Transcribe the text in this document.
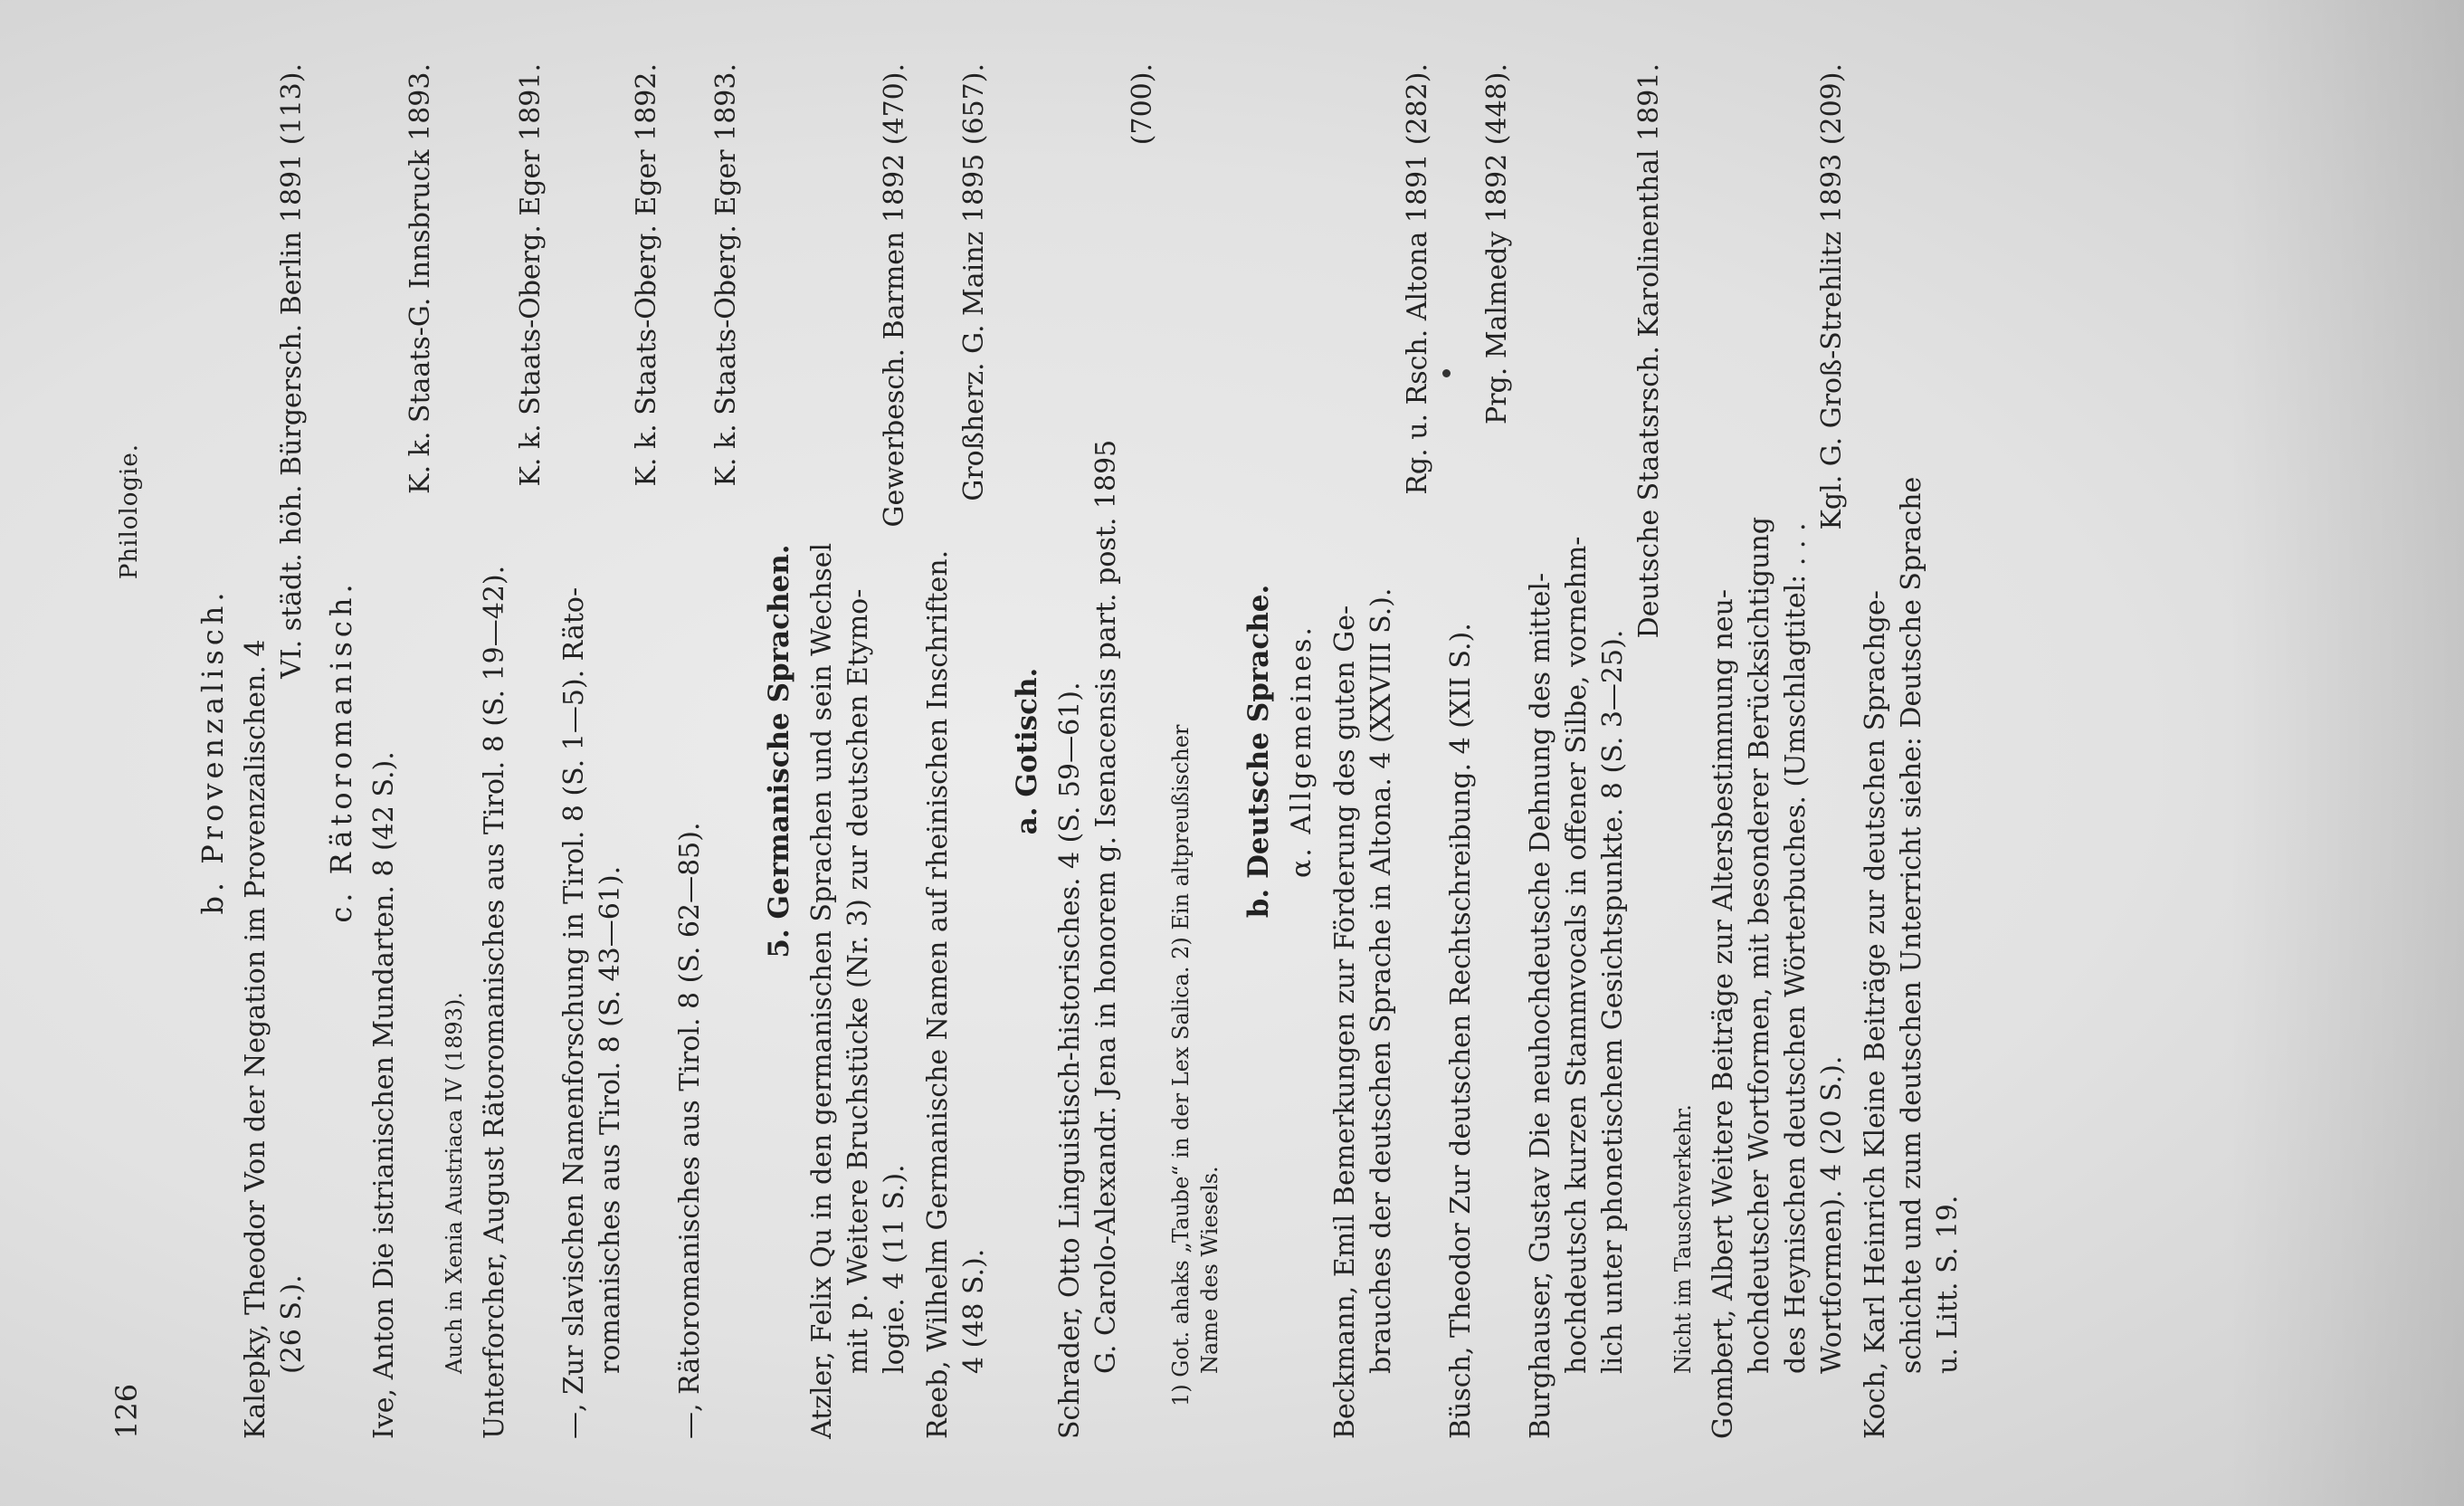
126
Philologie.
b. Provenzalisch. Kalepky, Theodor Von der Negation im Provenzalischen. 4 (26 S.).
VI. städt. höh. Bürgersch. Berlin 1891 (113).
c. Rätoromanisch.
Ive, Anton Die istrianischen Mundarten. 8 (42 S.).
K. k. Staats-G. Innsbruck 1893.
Auch in Xenia Austriaca IV (1893). Unterforcher, August Rätoromanisches aus Tirol. 8 (S. 19—42).
K. k. Staats-Oberg. Eger 1891.
—, Zur slavischen Namenforschung in Tirol. 8 (S. 1—5). Räto- romanisches aus Tirol. 8 (S. 43—61).
K. k. Staats-Oberg. Eger 1892.
—, Rätoromanisches aus Tirol. 8 (S. 62—85).
K. k. Staats-Oberg. Eger 1893.
5. Germanische Sprachen. Atzler, Felix Qu in den germanischen Sprachen und sein Wechsel mit p. Weitere Bruchstücke (Nr. 3) zur deutschen Etymo- logie. 4 (11 S.).
Gewerbesch. Barmen 1892 (470).
Reeb, Wilhelm Germanische Namen auf rheinischen Inschriften. 4 (48 S.).
Großherz. G. Mainz 1895 (657).
a. Gotisch. Schrader, Otto Linguistisch-historisches. 4 (S. 59—61). G. Carolo-Alexandr. Jena in honorem g. Isenacensis part. post. 1895
(700).
1) Got. ahaks „Taube“ in der Lex Salica. 2) Ein altpreußischer Name des Wiesels.
b. Deutsche Sprache. α. Allgemeines. Beckmann, Emil Bemerkungen zur Förderung des guten Ge- brauches der deutschen Sprache in Altona. 4 (XXVIII S.).
Rg. u. Rsch. Altona 1891 (282).
Büsch, Theodor Zur deutschen Rechtschreibung. 4 (XII S.).
Prg. Malmedy 1892 (448).
Burghauser, Gustav Die neuhochdeutsche Dehnung des mittel- hochdeutsch kurzen Stammvocals in offener Silbe, vornehm- lich unter phonetischem Gesichtspunkte. 8 (S. 3—25).
Deutsche Staatsrsch. Karolinenthal 1891.
Nicht im Tauschverkehr. Gombert, Albert Weitere Beiträge zur Altersbestimmung neu- hochdeutscher Wortformen, mit besonderer Berücksichtigung des Heynischen deutschen Wörterbuches. (Umschlagtitel: . . . Wortformen). 4 (20 S.).
Kgl. G. Groß-Strehlitz 1893 (209).
Koch, Karl Heinrich Kleine Beiträge zur deutschen Sprachge- schichte und zum deutschen Unterricht siehe: Deutsche Sprache u. Litt. S. 19.
